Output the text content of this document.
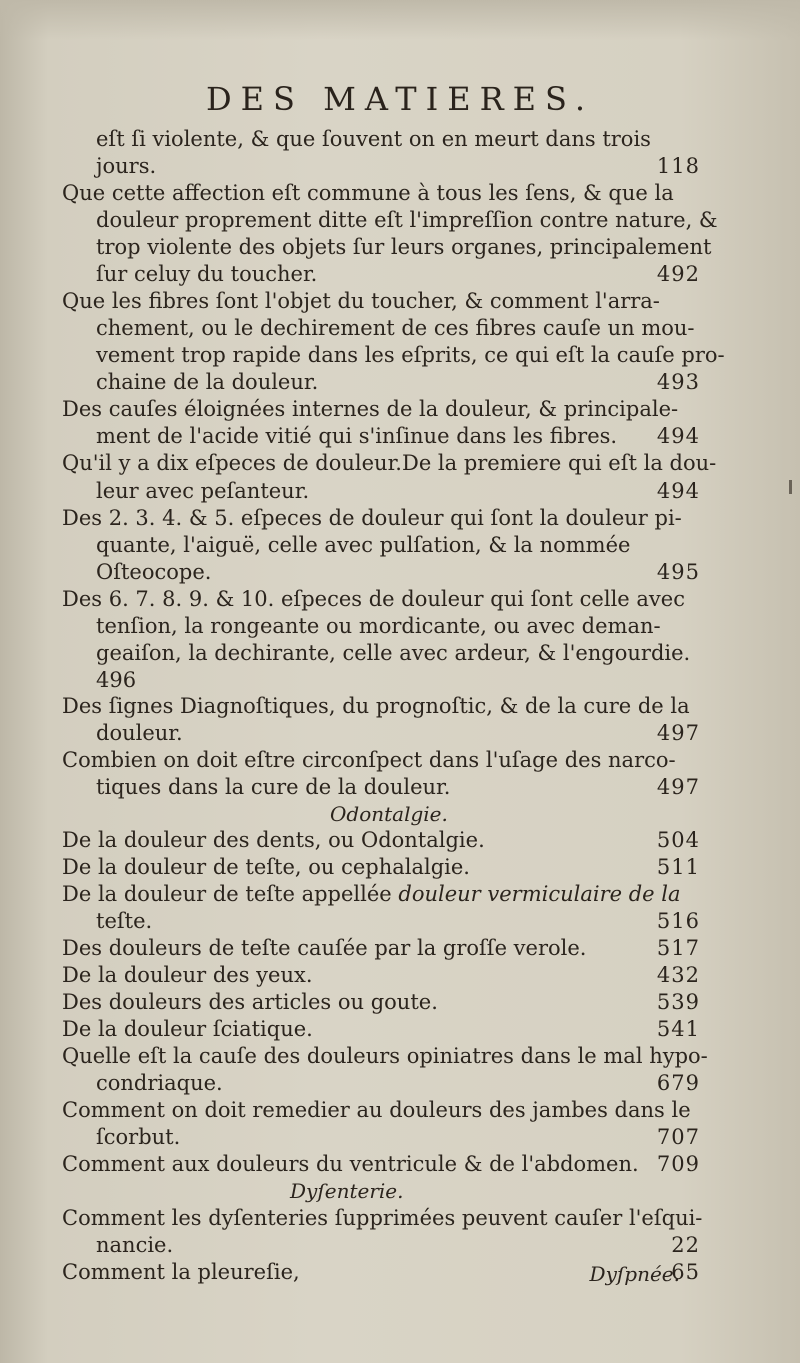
DES MATIERES.
eſt ſi violente, & que ſouvent on en meurt dans trois
jours.	118
Que cette affection eſt commune à tous les ſens, & que la
douleur proprement ditte eſt l'impreſſion contre nature, &
trop violente des objets ſur leurs organes, principalement
ſur celuy du toucher.	492
Que les fibres ſont l'objet du toucher, & comment l'arra-
chement, ou le dechirement de ces fibres cauſe un mou-
vement trop rapide dans les eſprits, ce qui eſt la cauſe pro-
chaine de la douleur.	493
Des cauſes éloignées internes de la douleur, & principale-
ment de l'acide vitié qui s'inſinue dans les fibres. 494
Qu'il y a dix eſpeces de douleur.De la premiere qui eſt la dou-
leur avec peſanteur.	494
Des 2. 3. 4. & 5. eſpeces de douleur qui ſont la douleur pi-
quante, l'aiguë, celle avec pulſation, & la nommée
Oſteocope.	495
Des 6. 7. 8. 9. & 10. eſpeces de douleur qui ſont celle avec
tenſion, la rongeante ou mordicante, ou avec deman-
geaiſon, la dechirante, celle avec ardeur, & l'engourdie.
496
Des ſignes Diagnoſtiques, du prognoſtic, & de la cure de la
douleur.	497
Combien on doit eſtre circonſpect dans l'uſage des narco-
tiques dans la cure de la douleur.	497
Odontalgie.
De la douleur des dents, ou Odontalgie.	504
De la douleur de teſte, ou cephalalgie.	511
De la douleur de teſte appellée douleur vermiculaire de la
teſte.	516
Des douleurs de teſte cauſée par la groſſe verole.	517
De la douleur des yeux.	432
Des douleurs des articles ou goute.	539
De la douleur ſciatique.	541
Quelle eſt la cauſe des douleurs opiniatres dans le mal hypo-
condriaque.	679
Comment on doit remedier au douleurs des jambes dans le
ſcorbut.	707
Comment aux douleurs du ventricule & de l'abdomen. 709
Dyſenterie.
Comment les dyſenteries ſupprimées peuvent cauſer l'eſqui-
nancie.	22
Comment la pleureſie,	65
Dyſpnée.
